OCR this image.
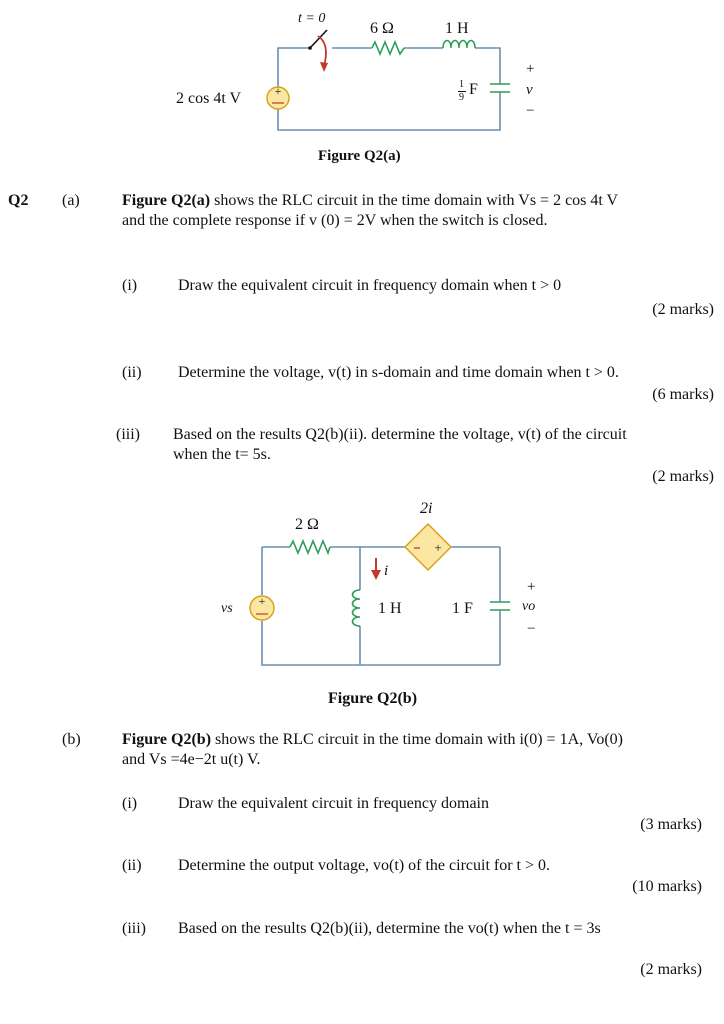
+
t = 0
6 Ω	1 H
2 cos 4t V
1
9 F
+
v
−
Figure Q2(a)
Q2 (a)	Figure Q2(a) shows the RLC circuit in the time domain with Vs = 2 cos 4t V
and the complete response if v (0) = 2V when the switch is closed.
(i)	Draw the equivalent circuit in frequency domain when t > 0
(2 marks)
(ii) Determine the voltage, v(t) in s-domain and time domain when t > 0.
(6 marks)
(iii) Based on the results Q2(b)(ii). determine the voltage, v(t) of the circuit
when the t= 5s.
(2 marks)
+
+
2i
2 Ω
i
1 H	1 F
vs
+
vo
−
Figure Q2(b)
(b)	Figure Q2(b) shows the RLC circuit in the time domain with i(0) = 1A, Vo(0)
and Vs =4e−2t u(t) V.
(i)	Draw the equivalent circuit in frequency domain
(3 marks)
(ii) Determine the output voltage, vo(t) of the circuit for t > 0.
(10 marks)
(iii) Based on the results Q2(b)(ii), determine the vo(t) when the t = 3s
(2 marks)
